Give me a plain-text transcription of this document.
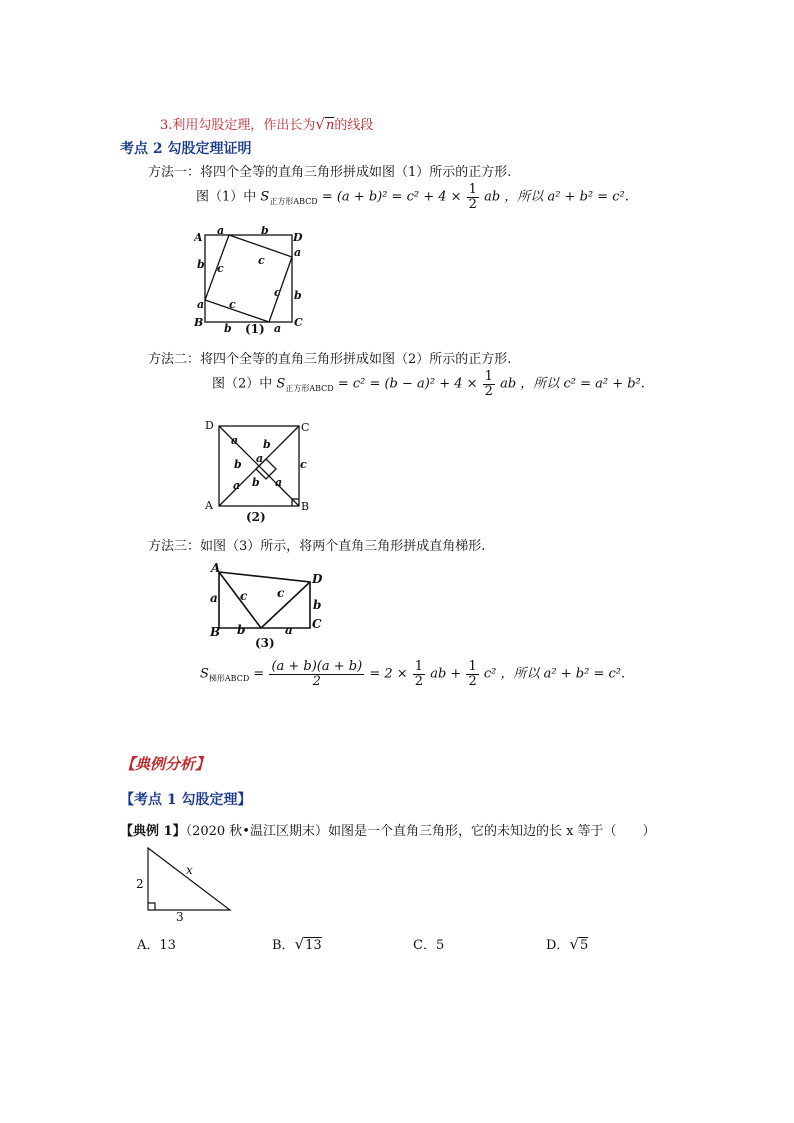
3.利用勾股定理，作出长为√n的线段
考点 2 勾股定理证明
方法一：将四个全等的直角三角形拼成如图（1）所示的正方形.
图（1）中 $S_{正方形ABCD} = (a + b)^2 = c^2 + 4 \times \frac{1}{2}$ ab ，所以 a² + b² = c².
A
B	C
D
a	b
b
a
a
b
b	a
c
c
c
c
(1)
方法二：将四个全等的直角三角形拼成如图（2）所示的正方形.
图（2）中 $S_{正方形ABCD} = c^2 = (b - a)^2 + 4 \times \frac{1}{2}$ ab ，所以 c² = a² + b².
D	C
A	B
a b
b a	c
a
b
a
(2)
方法三：如图（3）所示，将两个直角三角形拼成直角梯形.
A
B
C
D
a
b	a
b
c c
(3)
$S_{梯形ABCD} = \frac{(a + b)(a + b)}{2} = 2 \times \frac{1}{2}$ ab + $\frac{1}{2} c^2$ ，所以 a² + b² = c².
【典例分析】
【考点 1 勾股定理】
【典例 1】（2020 秋•温江区期末）如图是一个直角三角形，它的未知边的长 x 等于（　　）
2
x
3
A．13	B．√13	C．5	D．√5
